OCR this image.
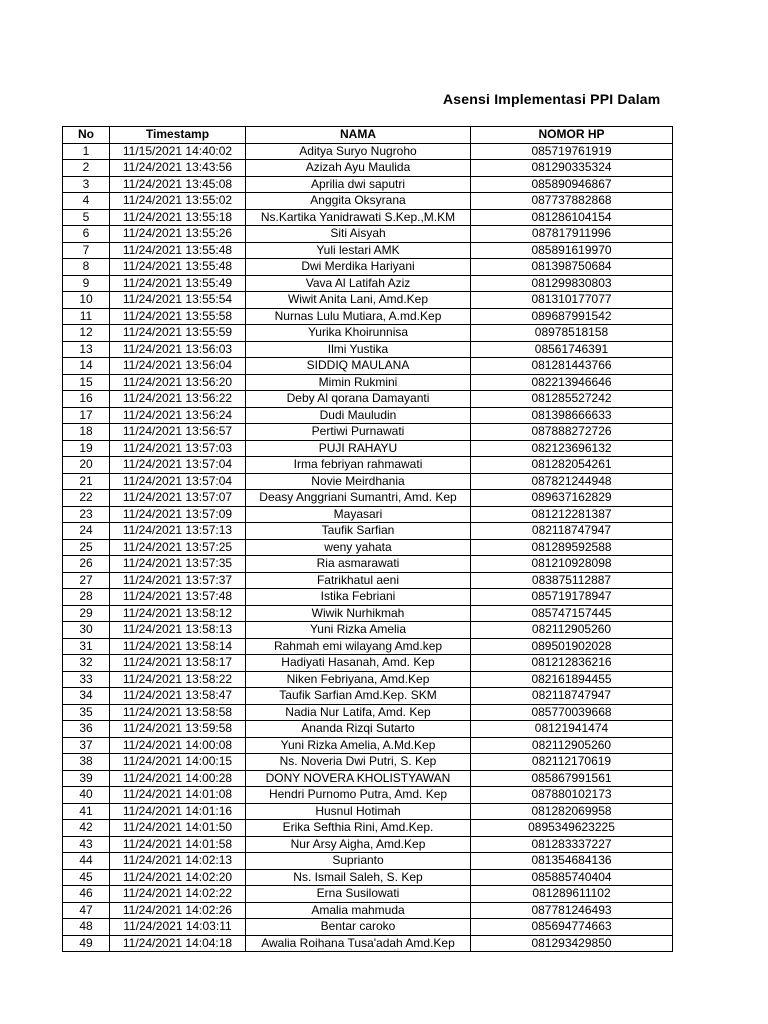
Asensi Implementasi PPI Dalam
No	Timestamp	NAMA	NOMOR HP
1	11/15/2021 14:40:02	Aditya Suryo Nugroho	085719761919
2	11/24/2021 13:43:56	Azizah Ayu Maulida	081290335324
3	11/24/2021 13:45:08	Aprilia dwi saputri	085890946867
4	11/24/2021 13:55:02	Anggita Oksyrana	087737882868
5	11/24/2021 13:55:18	Ns.Kartika Yanidrawati S.Kep.,M.KM	081286104154
6	11/24/2021 13:55:26	Siti Aisyah	087817911996
7	11/24/2021 13:55:48	Yuli lestari AMK	085891619970
8	11/24/2021 13:55:48	Dwi Merdika Hariyani	081398750684
9	11/24/2021 13:55:49	Vava Al Latifah Aziz	081299830803
10	11/24/2021 13:55:54	Wiwit Anita Lani, Amd.Kep	081310177077
11	11/24/2021 13:55:58	Nurnas Lulu Mutiara, A.md.Kep	089687991542
12	11/24/2021 13:55:59	Yurika Khoirunnisa	08978518158
13	11/24/2021 13:56:03	Ilmi Yustika	08561746391
14	11/24/2021 13:56:04	SIDDIQ MAULANA	081281443766
15	11/24/2021 13:56:20	Mimin Rukmini	082213946646
16	11/24/2021 13:56:22	Deby Al qorana Damayanti	081285527242
17	11/24/2021 13:56:24	Dudi Mauludin	081398666633
18	11/24/2021 13:56:57	Pertiwi Purnawati	087888272726
19	11/24/2021 13:57:03	PUJI RAHAYU	082123696132
20	11/24/2021 13:57:04	Irma febriyan rahmawati	081282054261
21	11/24/2021 13:57:04	Novie Meirdhania	087821244948
22	11/24/2021 13:57:07	Deasy Anggriani Sumantri, Amd. Kep	089637162829
23	11/24/2021 13:57:09	Mayasari	081212281387
24	11/24/2021 13:57:13	Taufik Sarfian	082118747947
25	11/24/2021 13:57:25	weny yahata	081289592588
26	11/24/2021 13:57:35	Ria asmarawati	081210928098
27	11/24/2021 13:57:37	Fatrikhatul aeni	083875112887
28	11/24/2021 13:57:48	Istika Febriani	085719178947
29	11/24/2021 13:58:12	Wiwik Nurhikmah	085747157445
30	11/24/2021 13:58:13	Yuni Rizka Amelia	082112905260
31	11/24/2021 13:58:14	Rahmah emi wilayang Amd.kep	089501902028
32	11/24/2021 13:58:17	Hadiyati Hasanah, Amd. Kep	081212836216
33	11/24/2021 13:58:22	Niken Febriyana, Amd.Kep	082161894455
34	11/24/2021 13:58:47	Taufik Sarfian Amd.Kep. SKM	082118747947
35	11/24/2021 13:58:58	Nadia Nur Latifa, Amd. Kep	085770039668
36	11/24/2021 13:59:58	Ananda Rizqi Sutarto	08121941474
37	11/24/2021 14:00:08	Yuni Rizka Amelia, A.Md.Kep	082112905260
38	11/24/2021 14:00:15	Ns. Noveria Dwi Putri, S. Kep	082112170619
39	11/24/2021 14:00:28	DONY NOVERA KHOLISTYAWAN	085867991561
40	11/24/2021 14:01:08	Hendri Purnomo Putra, Amd. Kep	087880102173
41	11/24/2021 14:01:16	Husnul Hotimah	081282069958
42	11/24/2021 14:01:50	Erika Sefthia Rini, Amd.Kep.	0895349623225
43	11/24/2021 14:01:58	Nur Arsy Aigha, Amd.Kep	081283337227
44	11/24/2021 14:02:13	Suprianto	081354684136
45	11/24/2021 14:02:20	Ns. Ismail Saleh, S. Kep	085885740404
46	11/24/2021 14:02:22	Erna Susilowati	081289611102
47	11/24/2021 14:02:26	Amalia mahmuda	087781246493
48	11/24/2021 14:03:11	Bentar caroko	085694774663
49	11/24/2021 14:04:18	Awalia Roihana Tusa'adah Amd.Kep	081293429850
